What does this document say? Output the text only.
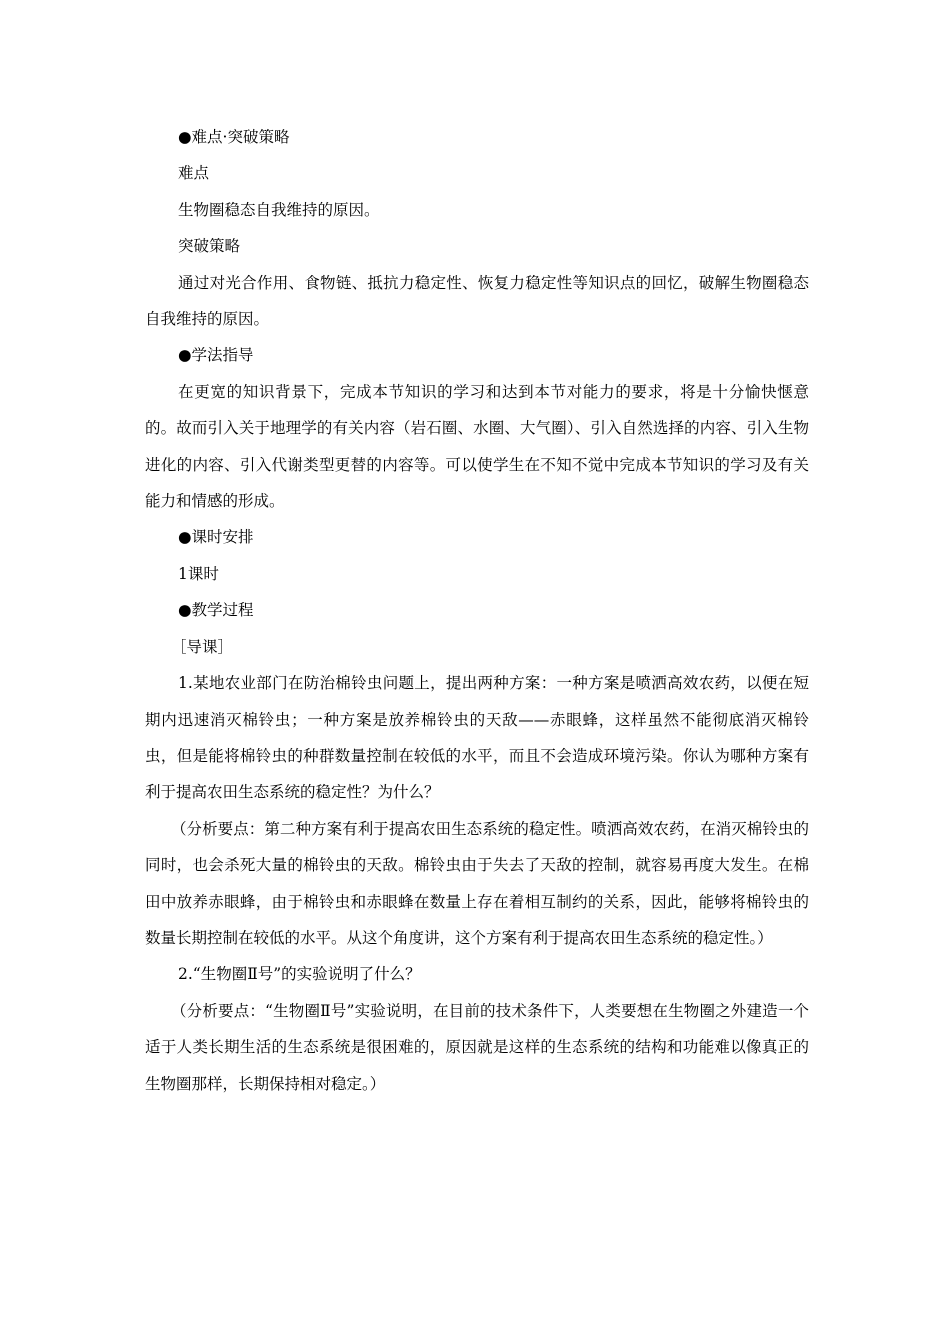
●难点·突破策略

难点

生物圈稳态自我维持的原因。

突破策略

通过对光合作用、食物链、抵抗力稳定性、恢复力稳定性等知识点的回忆，破解生物圈稳态自我维持的原因。

●学法指导

在更宽的知识背景下，完成本节知识的学习和达到本节对能力的要求，将是十分愉快惬意的。故而引入关于地理学的有关内容（岩石圈、水圈、大气圈）、引入自然选择的内容、引入生物进化的内容、引入代谢类型更替的内容等。可以使学生在不知不觉中完成本节知识的学习及有关能力和情感的形成。

●课时安排

1课时

●教学过程

［导课］

1.某地农业部门在防治棉铃虫问题上，提出两种方案：一种方案是喷洒高效农药，以便在短期内迅速消灭棉铃虫；一种方案是放养棉铃虫的天敌——赤眼蜂，这样虽然不能彻底消灭棉铃虫，但是能将棉铃虫的种群数量控制在较低的水平，而且不会造成环境污染。你认为哪种方案有利于提高农田生态系统的稳定性？为什么？

（分析要点：第二种方案有利于提高农田生态系统的稳定性。喷洒高效农药，在消灭棉铃虫的同时，也会杀死大量的棉铃虫的天敌。棉铃虫由于失去了天敌的控制，就容易再度大发生。在棉田中放养赤眼蜂，由于棉铃虫和赤眼蜂在数量上存在着相互制约的关系，因此，能够将棉铃虫的数量长期控制在较低的水平。从这个角度讲，这个方案有利于提高农田生态系统的稳定性。）

2.“生物圈Ⅱ号”的实验说明了什么？

（分析要点：“生物圈Ⅱ号”实验说明，在目前的技术条件下，人类要想在生物圈之外建造一个适于人类长期生活的生态系统是很困难的，原因就是这样的生态系统的结构和功能难以像真正的生物圈那样，长期保持相对稳定。）
